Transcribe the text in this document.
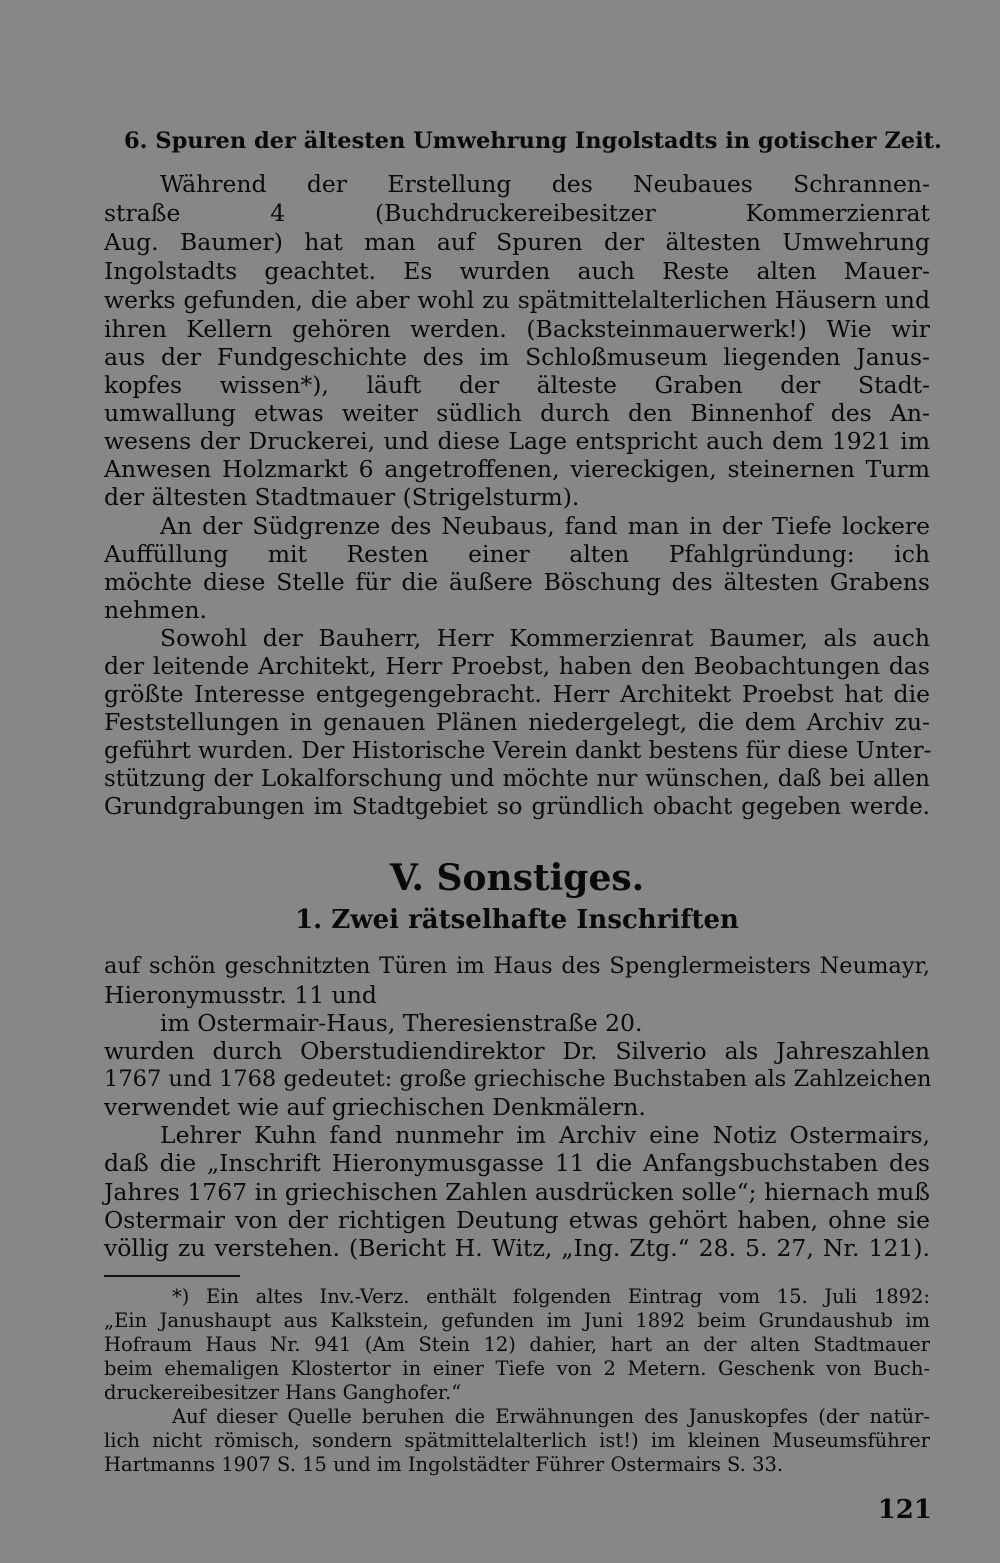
6. Spuren der ältesten Umwehrung Ingolstadts in gotischer Zeit.
Während der Erstellung des Neubaues Schrannen-
straße 4 (Buchdruckereibesitzer Kommerzienrat
Aug. Baumer) hat man auf Spuren der ältesten Umwehrung
Ingolstadts geachtet. Es wurden auch Reste alten Mauer-
werks gefunden, die aber wohl zu spätmittelalterlichen Häusern und
ihren Kellern gehören werden. (Backsteinmauerwerk!) Wie wir
aus der Fundgeschichte des im Schloßmuseum liegenden Janus-
kopfes wissen*), läuft der älteste Graben der Stadt-
umwallung etwas weiter südlich durch den Binnenhof des An-
wesens der Druckerei, und diese Lage entspricht auch dem 1921 im
Anwesen Holzmarkt 6 angetroffenen, viereckigen, steinernen Turm
der ältesten Stadtmauer (Strigelsturm).
An der Südgrenze des Neubaus, fand man in der Tiefe lockere
Auffüllung mit Resten einer alten Pfahlgründung: ich
möchte diese Stelle für die äußere Böschung des ältesten Grabens
nehmen.
Sowohl der Bauherr, Herr Kommerzienrat Baumer, als auch
der leitende Architekt, Herr Proebst, haben den Beobachtungen das
größte Interesse entgegengebracht. Herr Architekt Proebst hat die
Feststellungen in genauen Plänen niedergelegt, die dem Archiv zu-
geführt wurden. Der Historische Verein dankt bestens für diese Unter-
stützung der Lokalforschung und möchte nur wünschen, daß bei allen
Grundgrabungen im Stadtgebiet so gründlich obacht gegeben werde.
V. Sonstiges.
1. Zwei rätselhafte Inschriften
auf schön geschnitzten Türen im Haus des Spenglermeisters Neumayr,
Hieronymusstr. 11 und
im Ostermair-Haus, Theresienstraße 20.
wurden durch Oberstudiendirektor Dr. Silverio als Jahreszahlen
1767 und 1768 gedeutet: große griechische Buchstaben als Zahlzeichen
verwendet wie auf griechischen Denkmälern.
Lehrer Kuhn fand nunmehr im Archiv eine Notiz Ostermairs,
daß die „Inschrift Hieronymusgasse 11 die Anfangsbuchstaben des
Jahres 1767 in griechischen Zahlen ausdrücken solle“; hiernach muß
Ostermair von der richtigen Deutung etwas gehört haben, ohne sie
völlig zu verstehen. (Bericht H. Witz, „Ing. Ztg.“ 28. 5. 27, Nr. 121).
*) Ein altes Inv.-Verz. enthält folgenden Eintrag vom 15. Juli 1892:
„Ein Janushaupt aus Kalkstein, gefunden im Juni 1892 beim Grundaushub im
Hofraum Haus Nr. 941 (Am Stein 12) dahier, hart an der alten Stadtmauer
beim ehemaligen Klostertor in einer Tiefe von 2 Metern. Geschenk von Buch-
druckereibesitzer Hans Ganghofer.“
Auf dieser Quelle beruhen die Erwähnungen des Januskopfes (der natür-
lich nicht römisch, sondern spätmittelalterlich ist!) im kleinen Museumsführer
Hartmanns 1907 S. 15 und im Ingolstädter Führer Ostermairs S. 33.
121
